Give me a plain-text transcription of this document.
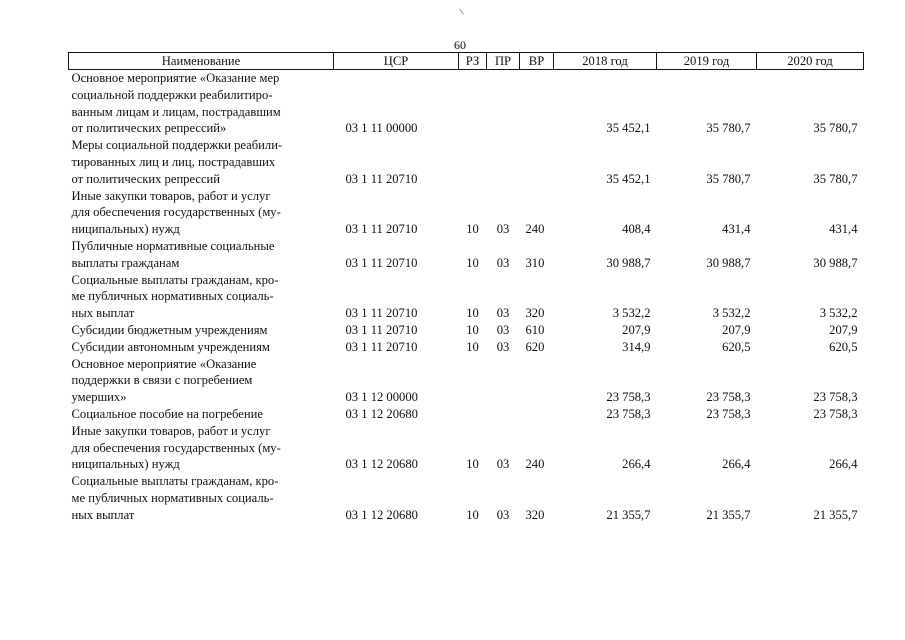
60
Наименование	ЦСР	РЗ	ПР	ВР	2018 год	2019 год	2020 год
Основное мероприятие «Оказание мер
социальной поддержки реабилитиро-
ванным лицам и лицам, пострадавшим
от политических репрессий»	03 1 11 00000				35 452,1	35 780,7	35 780,7
Меры социальной поддержки реабили-
тированных лиц и лиц, пострадавших
от политических репрессий	03 1 11 20710				35 452,1	35 780,7	35 780,7
Иные закупки товаров, работ и услуг
для обеспечения государственных (му-
ниципальных) нужд	03 1 11 20710	10	03	240	408,4	431,4	431,4
Публичные нормативные социальные
выплаты гражданам	03 1 11 20710	10	03	310	30 988,7	30 988,7	30 988,7
Социальные выплаты гражданам, кро-
ме публичных нормативных социаль-
ных выплат	03 1 11 20710	10	03	320	3 532,2	3 532,2	3 532,2
Субсидии бюджетным учреждениям	03 1 11 20710	10	03	610	207,9	207,9	207,9
Субсидии автономным учреждениям	03 1 11 20710	10	03	620	314,9	620,5	620,5
Основное мероприятие «Оказание
поддержки в связи с погребением
умерших»	03 1 12 00000				23 758,3	23 758,3	23 758,3
Социальное пособие на погребение	03 1 12 20680				23 758,3	23 758,3	23 758,3
Иные закупки товаров, работ и услуг
для обеспечения государственных (му-
ниципальных) нужд	03 1 12 20680	10	03	240	266,4	266,4	266,4
Социальные выплаты гражданам, кро-
ме публичных нормативных социаль-
ных выплат	03 1 12 20680	10	03	320	21 355,7	21 355,7	21 355,7
